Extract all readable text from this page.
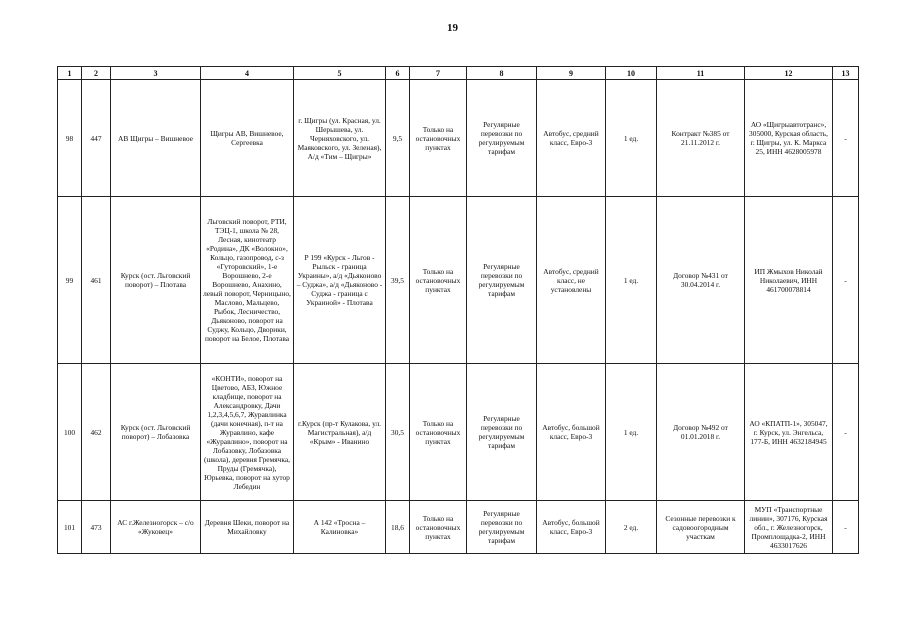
19
1	2	3	4	5	6	7	8	9	10	11	12	13
98	447	АВ Щигры – Вишневое	Щигры АВ, Вишневое, Сергеевка	г. Щигры (ул. Красная, ул. Шерышева, ул. Черняховского, ул. Маяковского, ул. Зеленая), А/д «Тим – Щигры»	9,5	Только на остановочных пунктах	Регулярные перевозки по регулируемым тарифам	Автобус, средний класс, Евро-3	1 ед.	Контракт №385 от 21.11.2012 г.	АО «Щигрыавтотранс», 305000, Курская область, г. Щигры, ул. К. Маркса 25, ИНН 4628005978	-
99	461	Курск (ост. Льговский поворот) – Плотава	Льговский поворот, РТИ, ТЭЦ-1, школа № 28, Лесная, кинотеатр «Родина», ДК «Волокно», Кольцо, газопровод, с-з «Гуторовский», 1-е Ворошнево, 2-е Ворошнево, Анахино, левый поворот, Черницыно, Маслово, Мальцево, Рыбок, Лесничество, Дьяконово, поворот на Суджу, Кольцо, Дворики, поворот на Белое, Плотава	Р 199 «Курск - Льгов - Рыльск - граница Украины», а/д «Дьяконово – Суджа», а/д «Дьяконово - Суджа - граница с Украиной» - Плотава	39,5	Только на остановочных пунктах	Регулярные перевозки по регулируемым тарифам	Автобус, средний класс, не установлены	1 ед.	Договор №431 от 30.04.2014 г.	ИП Жмыхов Николай Николаевич, ИНН 461700078814	-
100	462	Курск (ост. Льговский поворот) – Лобазовка	«КОНТИ», поворот на Цветово, АБЗ, Южное кладбище, поворот на Александровку, Дачи 1,2,3,4,5,6,7, Журавлинка (дачи конечная), п-т на Журавлино, кафе «Журавлино», поворот на Лобазовку, Лобазовка (школа), деревня Гремячка, Пруды (Гремячка), Юрьевка, поворот на хутор Лебедин	г.Курск (пр-т Кулакова, ул. Магистральная), а/д «Крым» - Иванино	30,5	Только на остановочных пунктах	Регулярные перевозки по регулируемым тарифам	Автобус, большой класс, Евро-3	1 ед.	Договор №492 от 01.01.2018 г.	АО «КПАТП-1», 305047, г. Курск, ул. Энгельса, 177-Б, ИНН 4632184945	-
101	473	АС г.Железногорск – с/о «Жуковец»	Деревня Шеки, поворот на Михайловку	А 142 «Тросна – Калиновка»	18,6	Только на остановочных пунктах	Регулярные перевозки по регулируемым тарифам	Автобус, большой класс, Евро-3	2 ед.	Сезонные перевозки к садовоогородным участкам	МУП «Транспортные линии», 307176, Курская обл., г. Железногорск, Промплощадка-2, ИНН 4633017626	-
